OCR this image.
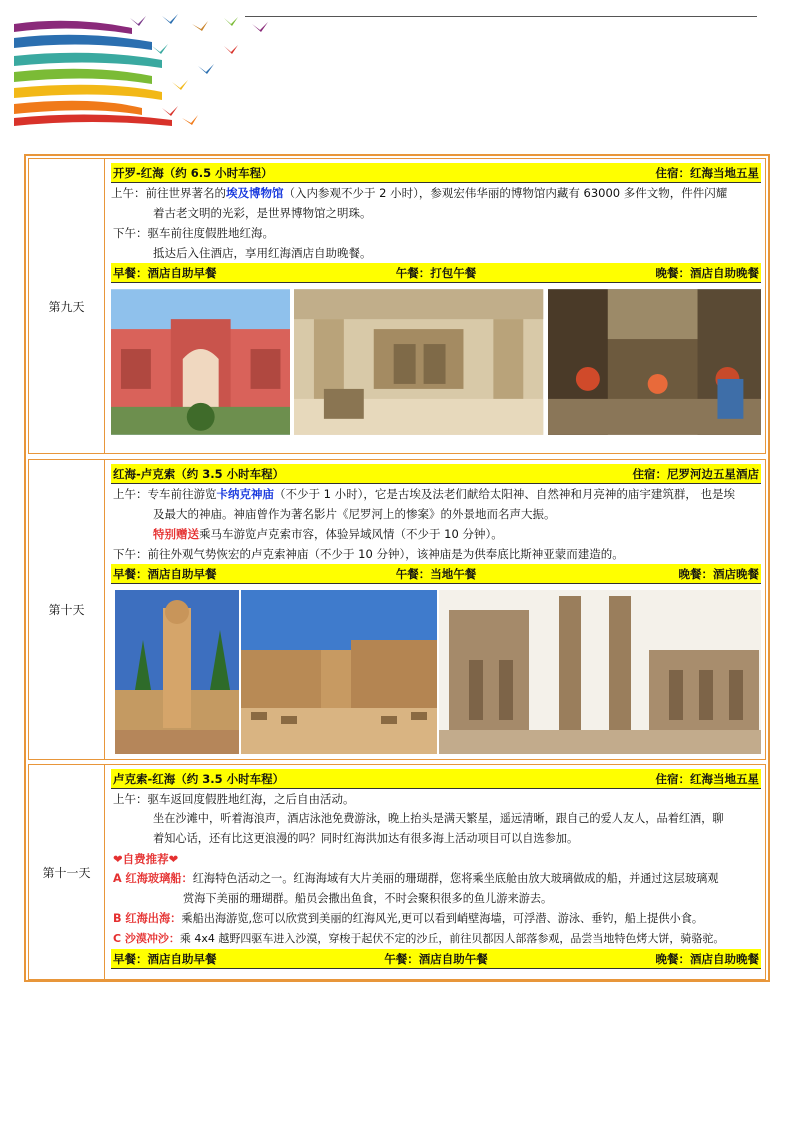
第九天
开罗-红海（约 6.5 小时车程）	住宿：红海当地五星
上午：前往世界著名的埃及博物馆（入内参观不少于 2 小时），参观宏伟华丽的博物馆内藏有 63000 多件文物，件件闪耀
着古老文明的光彩，是世界博物馆之明珠。
下午：驱车前往度假胜地红海。
抵达后入住酒店，享用红海酒店自助晚餐。
早餐：酒店自助早餐	午餐：打包午餐	晚餐：酒店自助晚餐
第十天
红海-卢克索（约 3.5 小时车程）	住宿：尼罗河边五星酒店
上午：专车前往游览卡纳克神庙（不少于 1 小时），它是古埃及法老们献给太阳神、自然神和月亮神的庙宇建筑群， 也是埃
及最大的神庙。神庙曾作为著名影片《尼罗河上的惨案》的外景地而名声大振。
特别赠送乘马车游览卢克索市容，体验异域风情（不少于 10 分钟）。
下午：前往外观气势恢宏的卢克索神庙（不少于 10 分钟），该神庙是为供奉底比斯神亚蒙而建造的。
早餐：酒店自助早餐	午餐：当地午餐	晚餐：酒店晚餐
第十一天
卢克索-红海（约 3.5 小时车程）	住宿：红海当地五星
上午：驱车返回度假胜地红海，之后自由活动。
坐在沙滩中，听着海浪声，酒店泳池免费游泳，晚上抬头是满天繁星，遥远清晰，跟自己的爱人友人，品着红酒，聊
着知心话，还有比这更浪漫的吗？同时红海洪加达有很多海上活动项目可以自选参加。
❤自费推荐❤
A 红海玻璃船：红海特色活动之一。红海海域有大片美丽的珊瑚群，您将乘坐底舱由放大玻璃做成的船，并通过这层玻璃观
赏海下美丽的珊瑚群。船员会撒出鱼食，不时会聚积很多的鱼儿游来游去。
B 红海出海：乘船出海游览,您可以欣赏到美丽的红海风光,更可以看到峭壁海墙，可浮潜、游泳、垂钓，船上提供小食。
C 沙漠冲沙：乘 4x4 越野四驱车进入沙漠，穿梭于起伏不定的沙丘，前往贝都因人部落参观，品尝当地特色烤大饼，骑骆驼。
早餐：酒店自助早餐	午餐：酒店自助午餐	晚餐：酒店自助晚餐
